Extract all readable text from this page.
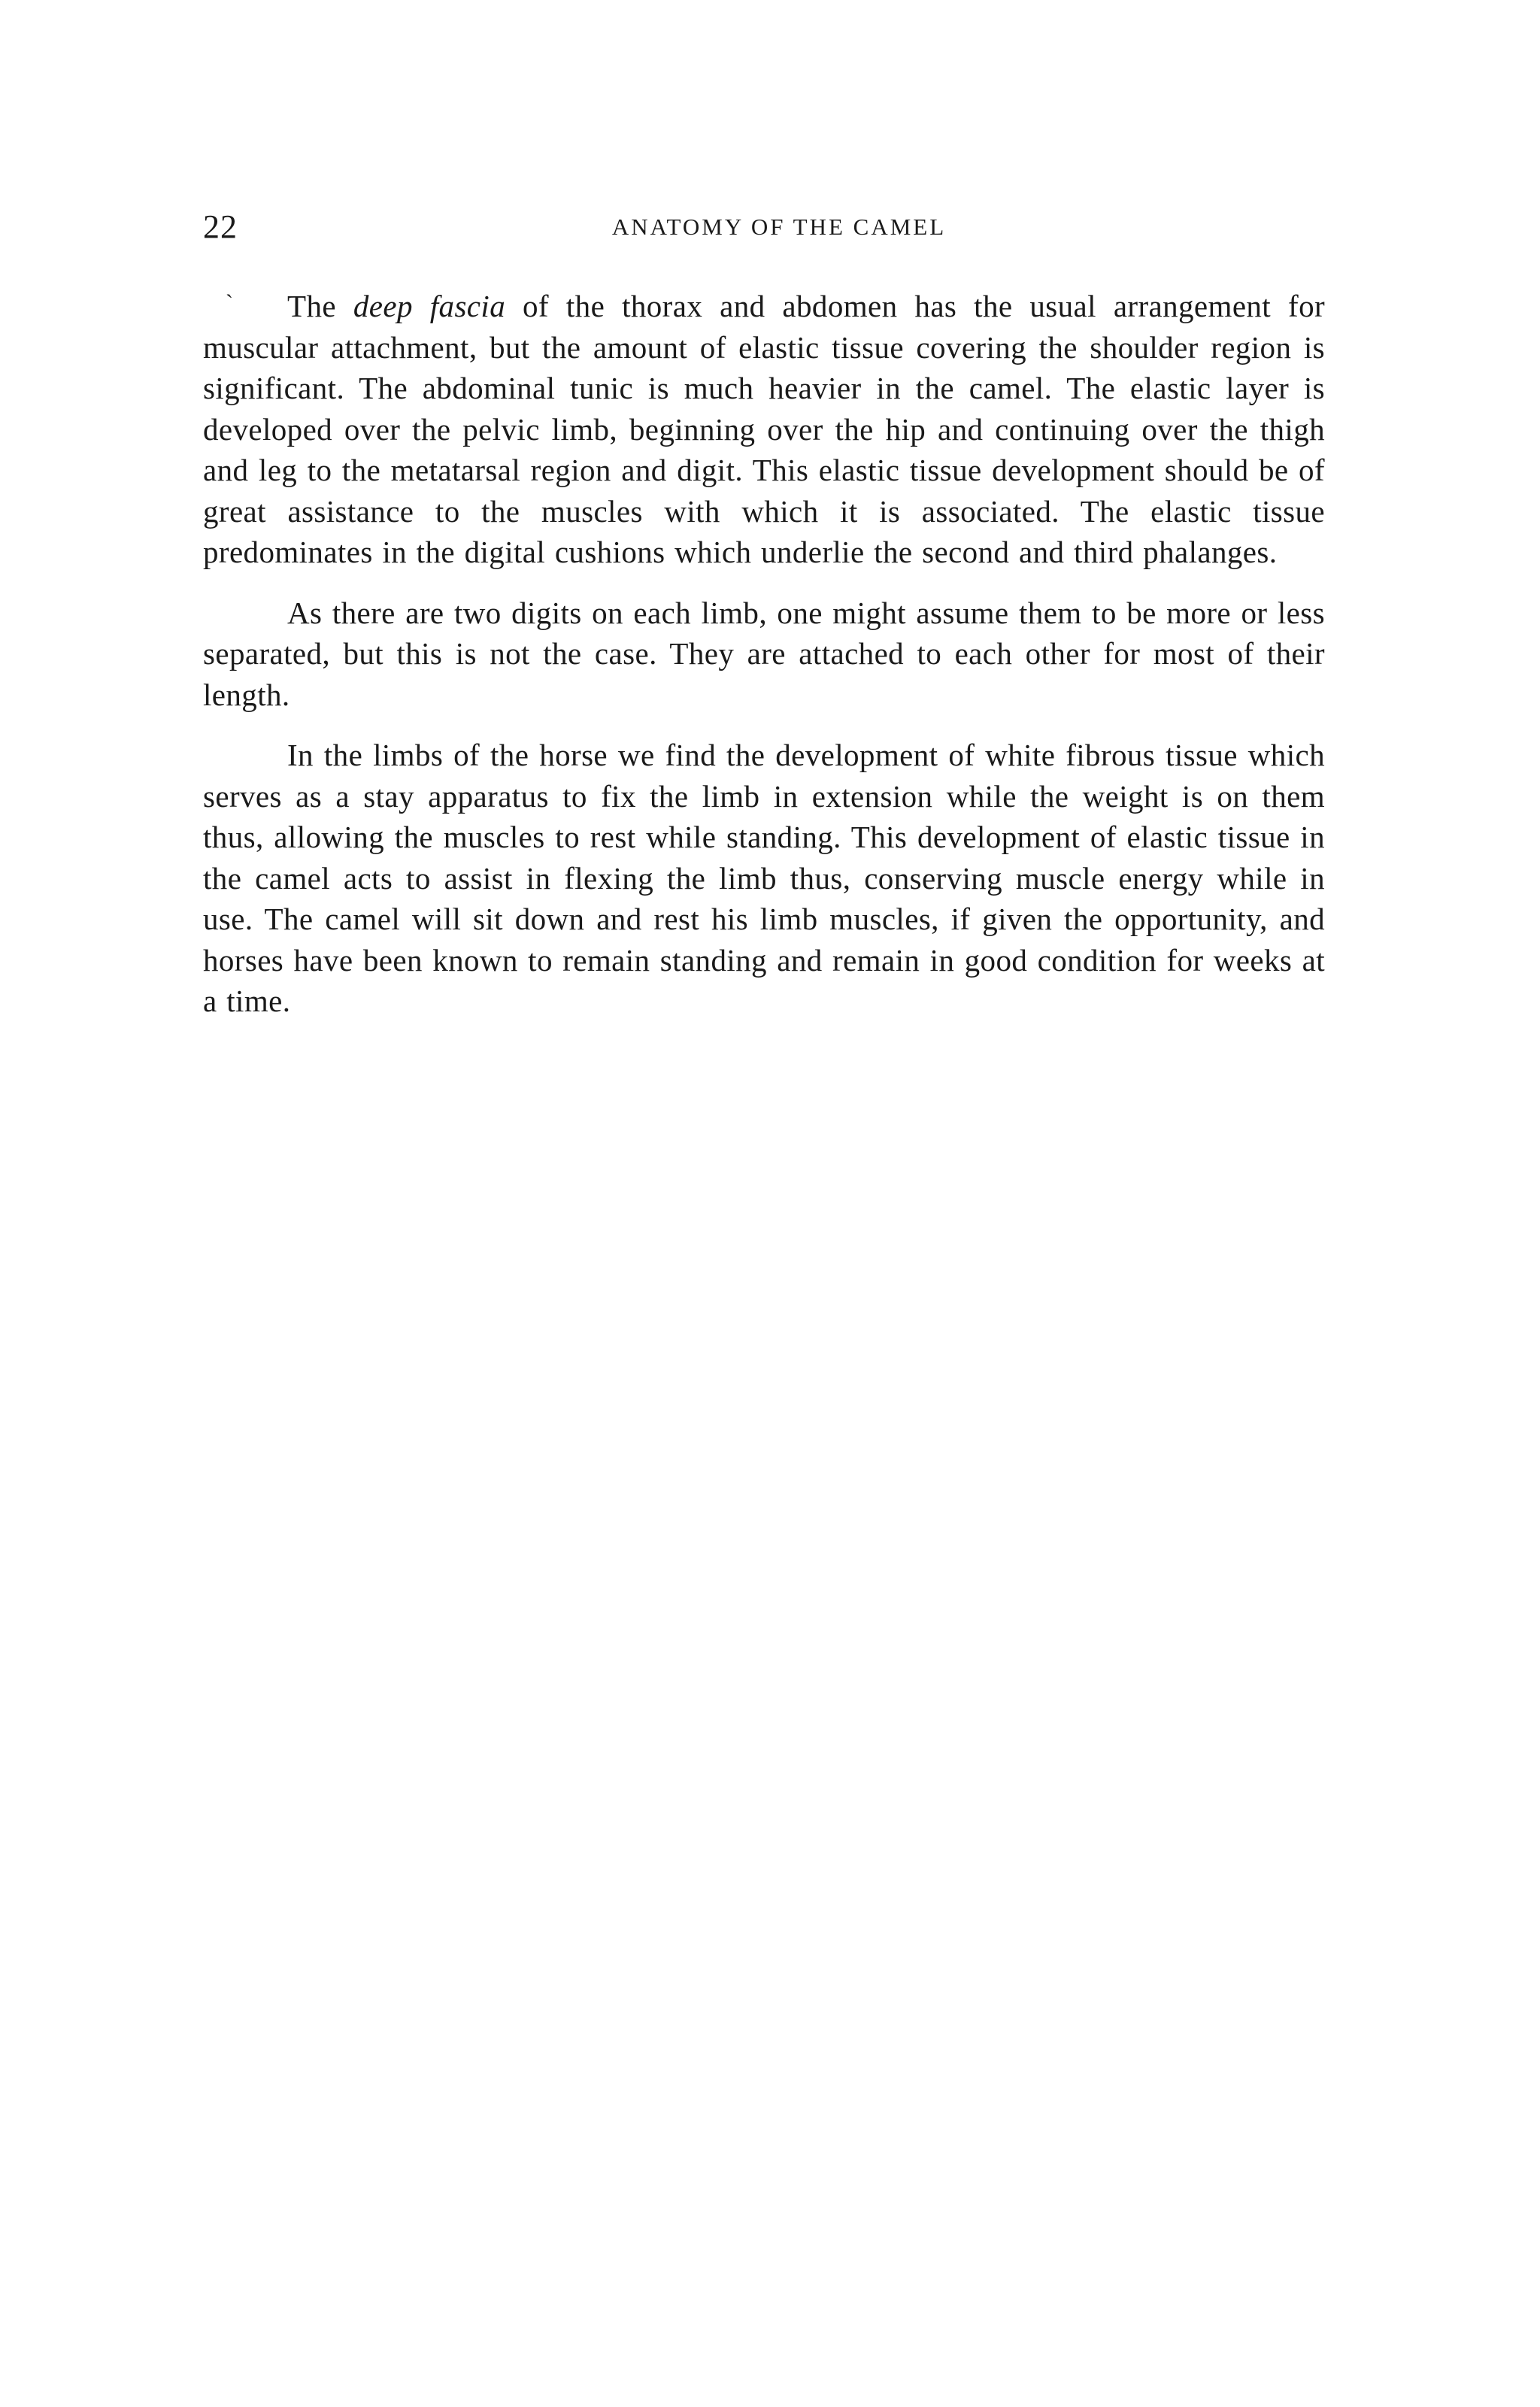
22	ANATOMY OF THE CAMEL
ˋ	The deep fascia of the thorax and abdomen has the usual arrangement for muscular attachment, but the amount of elastic tissue covering the shoulder region is significant. The abdominal tunic is much heavier in the camel. The elastic layer is developed over the pelvic limb, beginning over the hip and continuing over the thigh and leg to the metatarsal region and digit. This elastic tissue development should be of great assistance to the muscles with which it is associated. The elastic tissue predominates in the digital cushions which underlie the second and third phalanges.

As there are two digits on each limb, one might assume them to be more or less separated, but this is not the case. They are attached to each other for most of their length.

In the limbs of the horse we find the development of white fibrous tissue which serves as a stay apparatus to fix the limb in extension while the weight is on them thus, allowing the muscles to rest while standing. This development of elastic tissue in the camel acts to assist in flexing the limb thus, conserving muscle energy while in use. The camel will sit down and rest his limb muscles, if given the opportunity, and horses have been known to remain standing and remain in good condition for weeks at a time.
